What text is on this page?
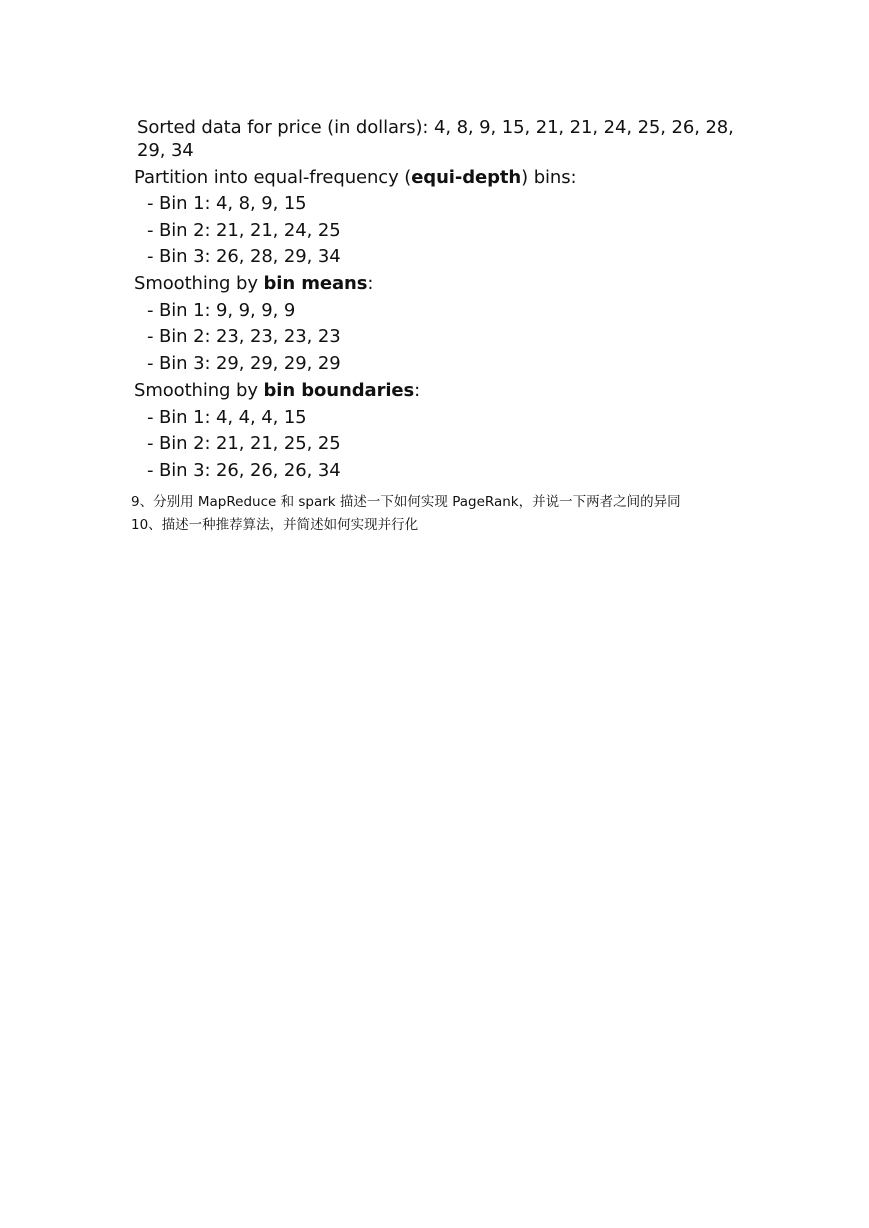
Sorted data for price (in dollars): 4, 8, 9, 15, 21, 21, 24, 25, 26, 28,
29, 34
Partition into equal-frequency (equi-depth) bins:
- Bin 1: 4, 8, 9, 15
- Bin 2: 21, 21, 24, 25
- Bin 3: 26, 28, 29, 34
Smoothing by bin means:
- Bin 1: 9, 9, 9, 9
- Bin 2: 23, 23, 23, 23
- Bin 3: 29, 29, 29, 29
Smoothing by bin boundaries:
- Bin 1: 4, 4, 4, 15
- Bin 2: 21, 21, 25, 25
- Bin 3: 26, 26, 26, 34
9、分别用 MapReduce 和 spark 描述一下如何实现 PageRank，并说一下两者之间的异同
10、描述一种推荐算法，并简述如何实现并行化
